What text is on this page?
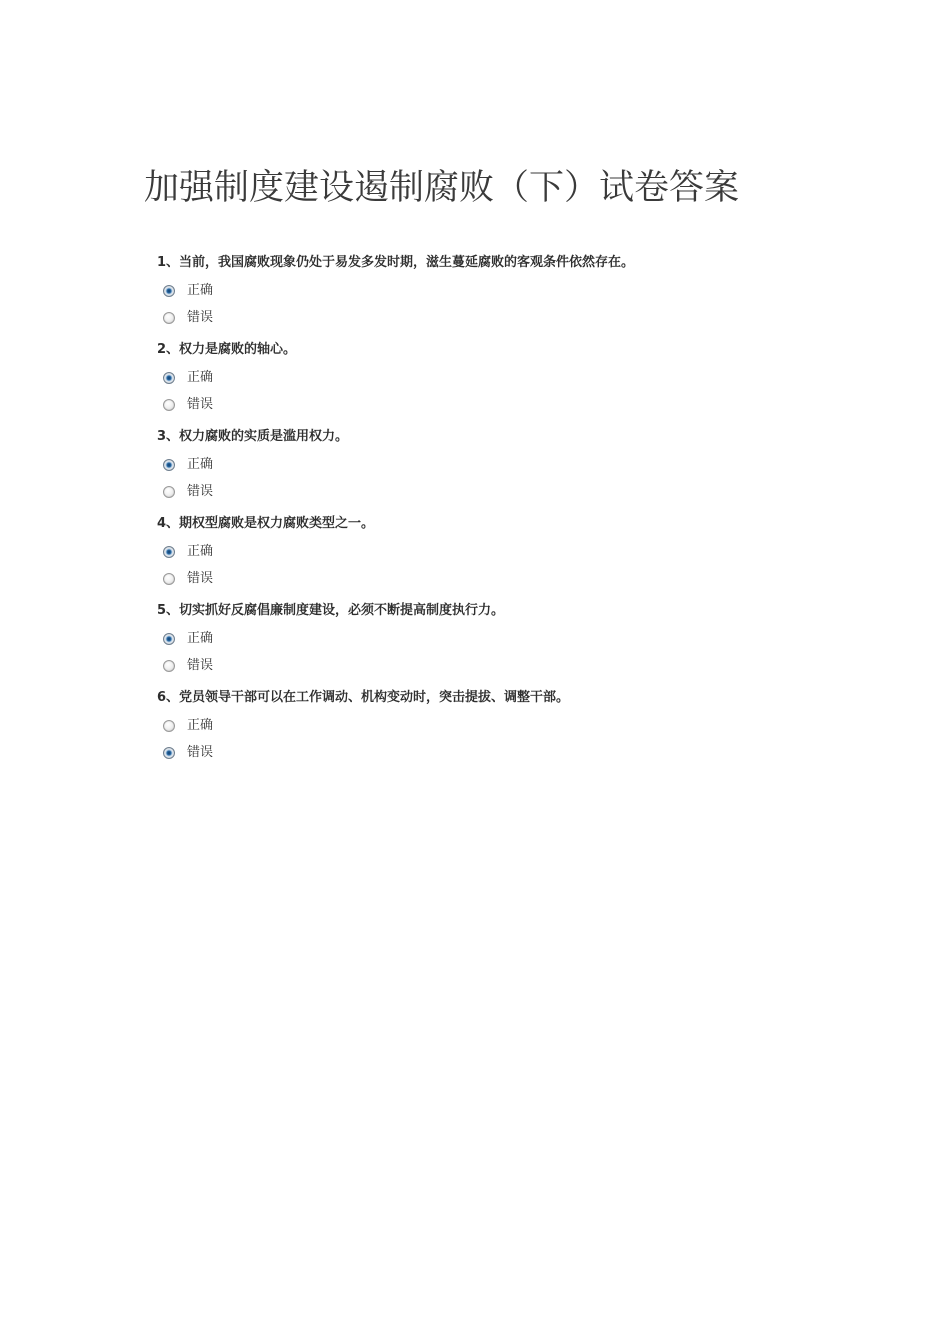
加强制度建设遏制腐败（下）试卷答案
1、当前，我国腐败现象仍处于易发多发时期，滋生蔓延腐败的客观条件依然存在。
正确
错误
2、权力是腐败的轴心。
正确
错误
3、权力腐败的实质是滥用权力。
正确
错误
4、期权型腐败是权力腐败类型之一。
正确
错误
5、切实抓好反腐倡廉制度建设，必须不断提高制度执行力。
正确
错误
6、党员领导干部可以在工作调动、机构变动时，突击提拔、调整干部。
正确
错误
